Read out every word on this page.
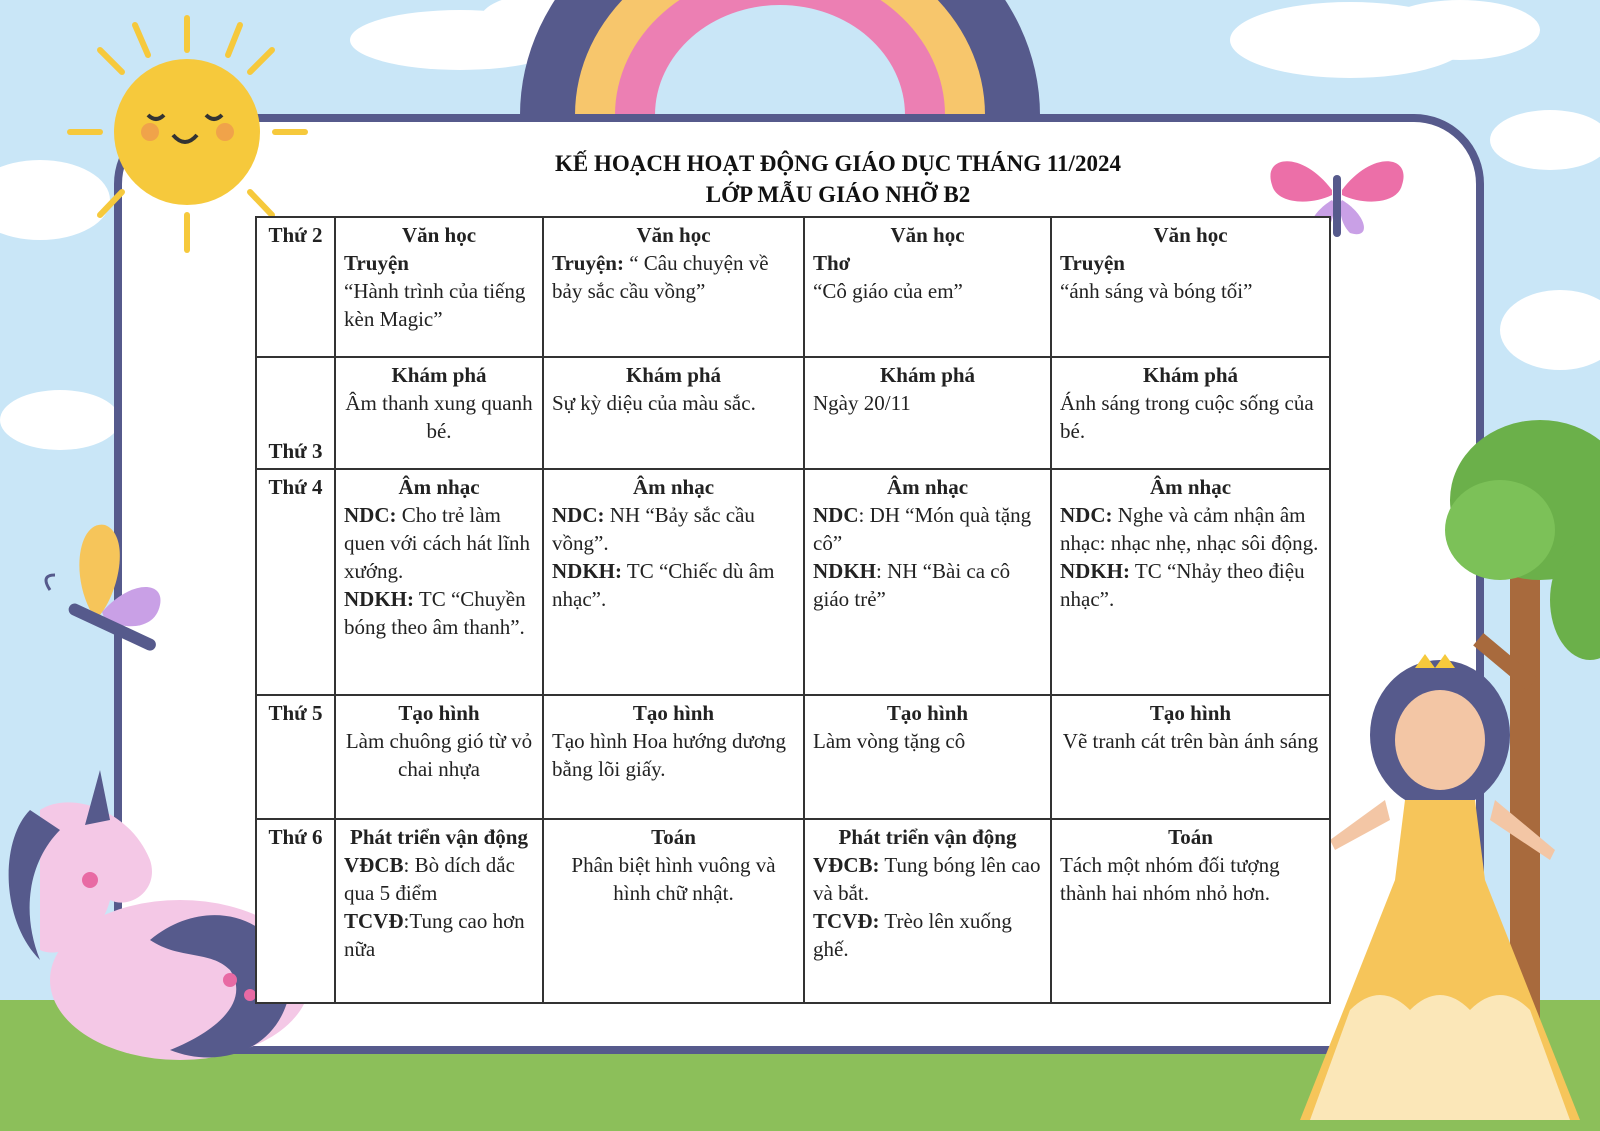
KẾ HOẠCH HOẠT ĐỘNG GIÁO DỤC THÁNG 11/2024
LỚP MẪU GIÁO NHỠ B2
Thứ 2	Văn học
Truyện
“Hành trình của tiếng kèn Magic”	Văn học
Truyện: “ Câu chuyện về bảy sắc cầu vồng”	Văn học
Thơ
“Cô giáo của em”	Văn học
Truyện
“ánh sáng và bóng tối”
Thứ 3	Khám phá
Âm thanh xung quanh bé.	Khám phá
Sự kỳ diệu của màu sắc.	Khám phá
Ngày 20/11	Khám phá
Ánh sáng trong cuộc sống của bé.
Thứ 4	Âm nhạc
NDC: Cho trẻ làm quen với cách hát lĩnh xướng.
NDKH: TC “Chuyền bóng theo âm thanh”.	Âm nhạc
NDC: NH “Bảy sắc cầu vồng”.
NDKH: TC “Chiếc dù âm nhạc”.	Âm nhạc
NDC: DH “Món quà tặng cô”
NDKH: NH “Bài ca cô giáo trẻ”	Âm nhạc
NDC: Nghe và cảm nhận âm nhạc: nhạc nhẹ, nhạc sôi động.
NDKH: TC “Nhảy theo điệu nhạc”.
Thứ 5	Tạo hình
Làm chuông gió từ vỏ chai nhựa	Tạo hình
Tạo hình Hoa hướng dương bằng lõi giấy.	Tạo hình
Làm vòng tặng cô	Tạo hình
Vẽ tranh cát trên bàn ánh sáng

Thứ 6	Phát triển vận động
VĐCB: Bò dích dắc qua 5 điểm
TCVĐ:Tung cao hơn nữa	Toán
Phân biệt hình vuông và hình chữ nhật.	Phát triển vận động
VĐCB: Tung bóng lên cao và bắt.
TCVĐ: Trèo lên xuống ghế.	Toán
Tách một nhóm đối tượng thành hai nhóm nhỏ hơn.
